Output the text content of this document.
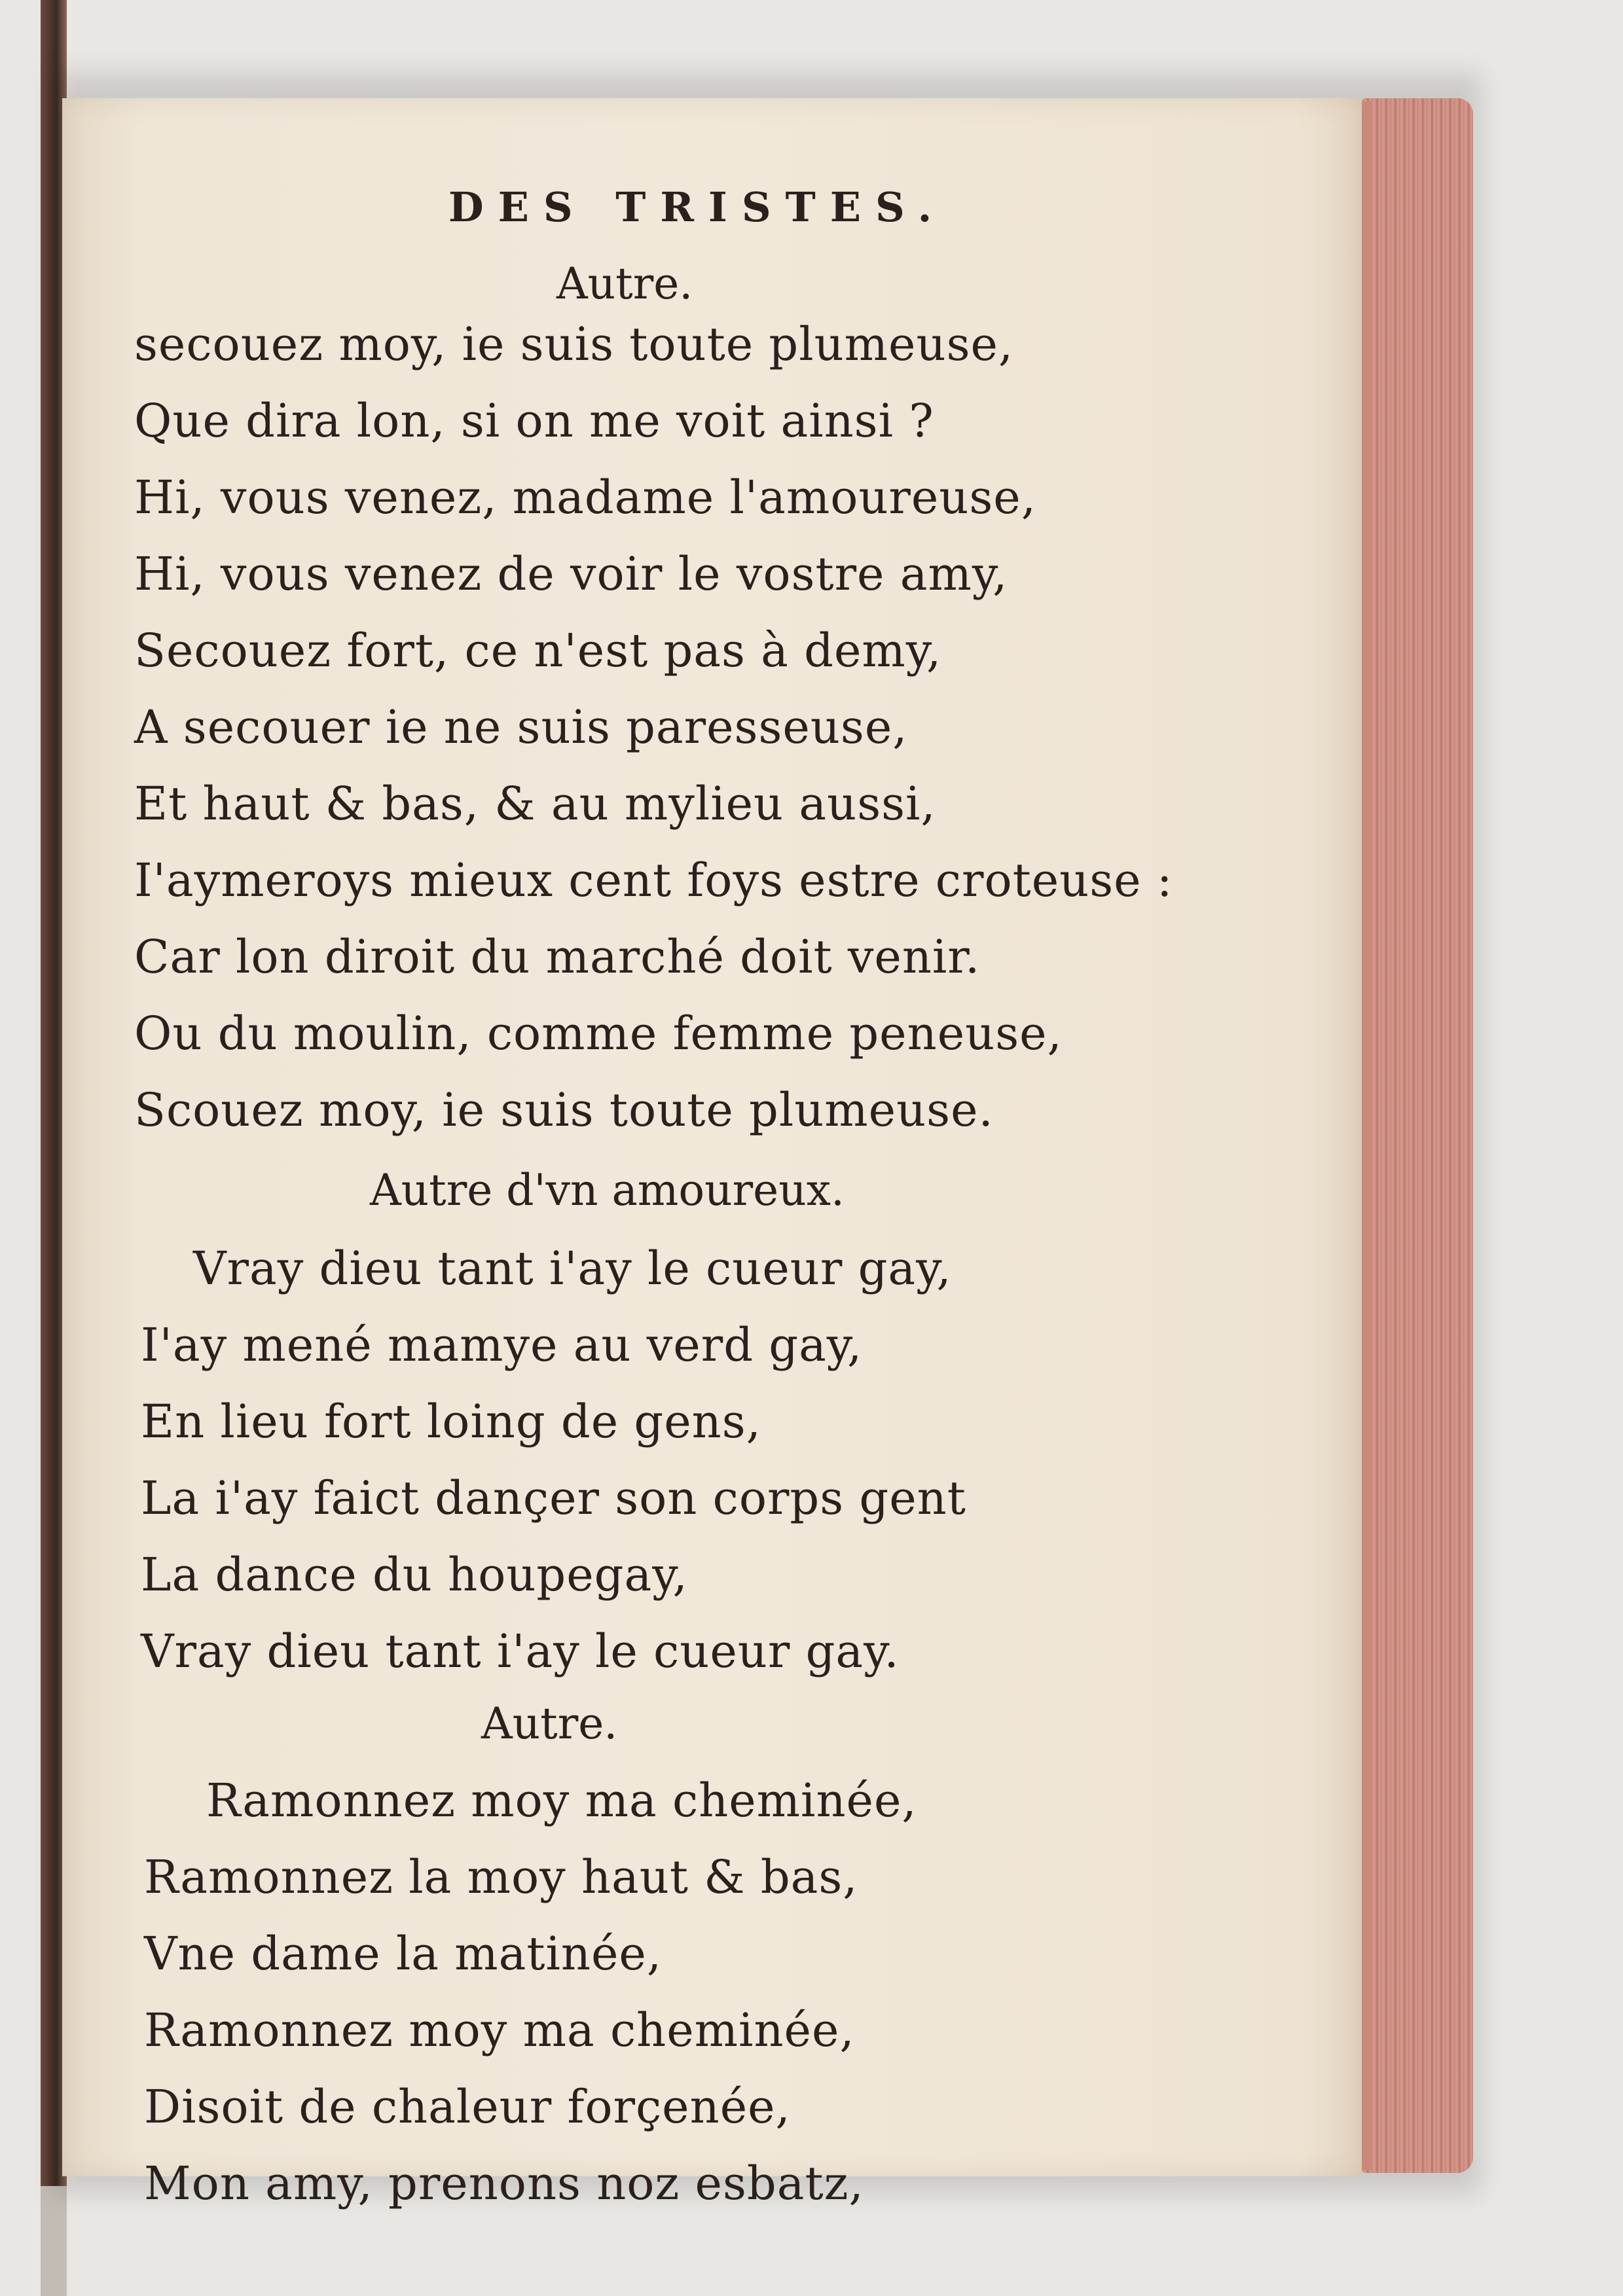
DES TRISTES.
Autre.
secouez moy, ie suis toute plumeuse,
Que dira lon, si on me voit ainsi ?
Hi, vous venez, madame l'amoureuse,
Hi, vous venez de voir le vostre amy,
Secouez fort, ce n'est pas à demy,
A secouer ie ne suis paresseuse,
Et haut & bas, & au mylieu aussi,
I'aymeroys mieux cent foys estre croteuse :
Car lon diroit du marché doit venir.
Ou du moulin, comme femme peneuse,
Scouez moy, ie suis toute plumeuse.
Autre d'vn amoureux.
Vray dieu tant i'ay le cueur gay,
I'ay mené mamye au verd gay,
En lieu fort loing de gens,
La i'ay faict dançer son corps gent
La dance du houpegay,
Vray dieu tant i'ay le cueur gay.
Autre.
Ramonnez moy ma cheminée,
Ramonnez la moy haut & bas,
Vne dame la matinée,
Ramonnez moy ma cheminée,
Disoit de chaleur forçenée,
Mon amy, prenons noz esbatz,
